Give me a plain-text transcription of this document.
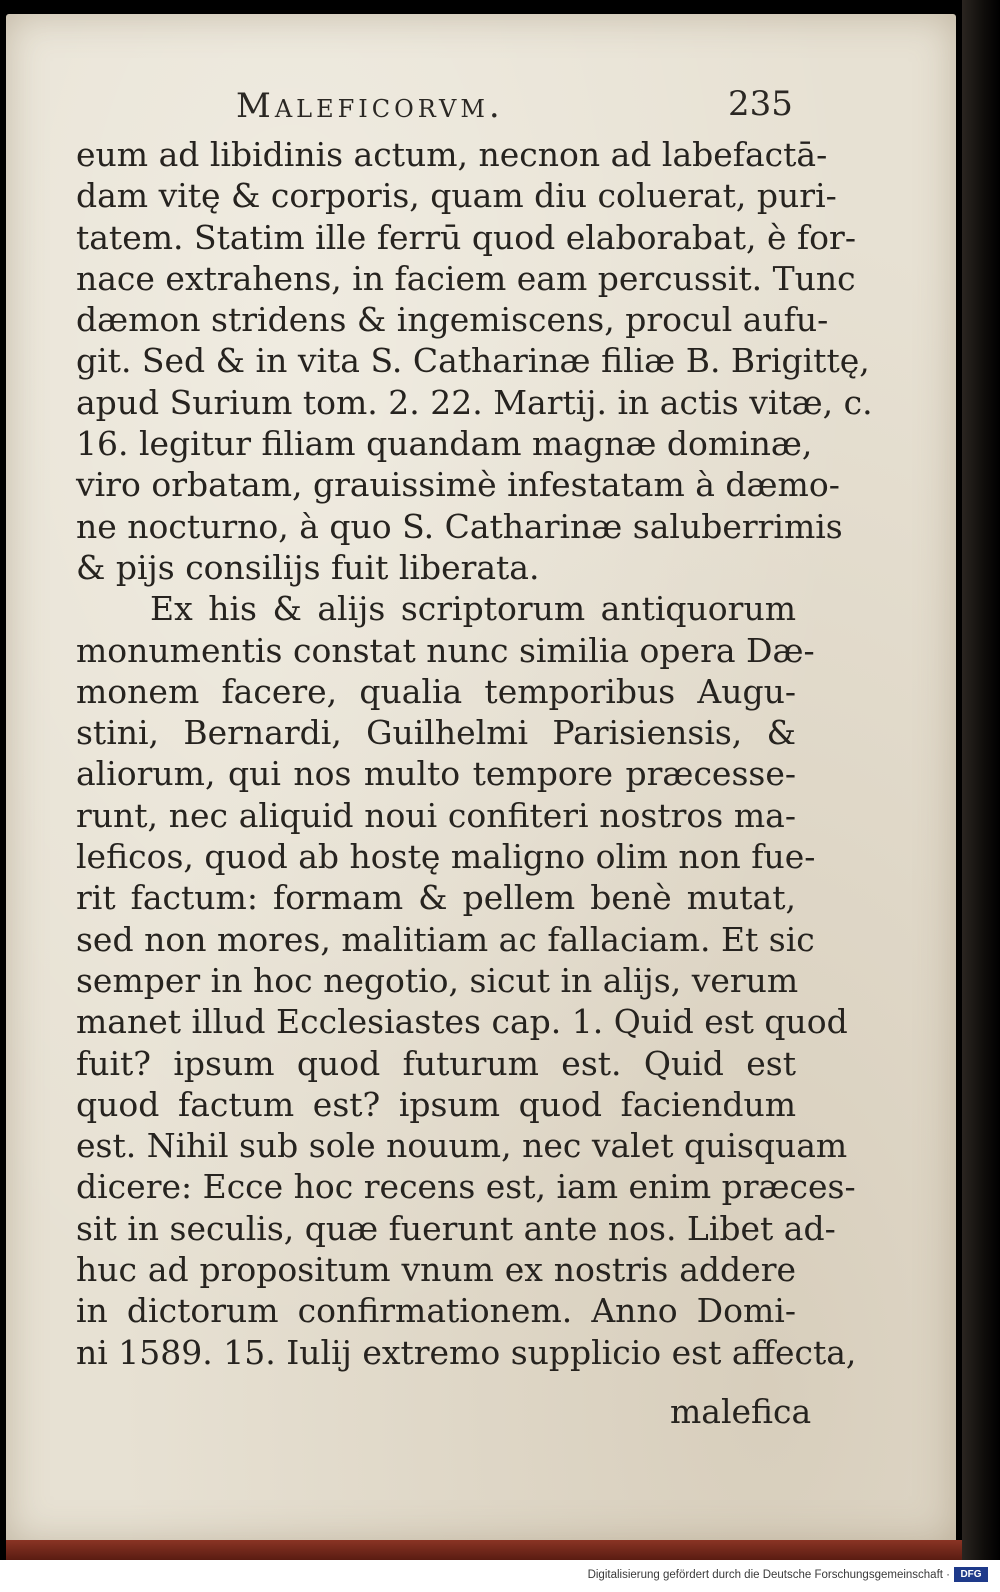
Maleficorvm.	235
eum ad libidinis actum, necnon ad labefactā-
dam vitę & corporis, quam diu coluerat, puri-
tatem. Statim ille ferrū quod elaborabat, è for-
nace extrahens, in faciem eam percussit. Tunc
dæmon stridens & ingemiscens, procul aufu-
git. Sed & in vita S. Catharinæ filiæ B. Brigittę,
apud Surium tom. 2. 22. Martij. in actis vitæ, c.
16. legitur filiam quandam magnæ dominæ,
viro orbatam, grauissimè infestatam à dæmo-
ne nocturno, à quo S. Catharinæ saluberrimis
& pijs consilijs fuit liberata.
Ex his & alijs scriptorum antiquorum
monumentis constat nunc similia opera Dæ-
monem facere, qualia temporibus Augu-
stini, Bernardi, Guilhelmi Parisiensis, &
aliorum, qui nos multo tempore præcesse-
runt, nec aliquid noui confiteri nostros ma-
leficos, quod ab hostę maligno olim non fue-
rit factum: formam & pellem benè mutat,
sed non mores, malitiam ac fallaciam. Et sic
semper in hoc negotio, sicut in alijs, verum
manet illud Ecclesiastes cap. 1. Quid est quod
fuit? ipsum quod futurum est. Quid est
quod factum est? ipsum quod faciendum
est. Nihil sub sole nouum, nec valet quisquam
dicere: Ecce hoc recens est, iam enim præces-
sit in seculis, quæ fuerunt ante nos. Libet ad-
huc ad propositum vnum ex nostris addere
in dictorum confirmationem. Anno Domi-
ni 1589. 15. Iulij extremo supplicio est affecta,
malefica
Digitalisierung gefördert durch die Deutsche Forschungsgemeinschaft ·	DFG
